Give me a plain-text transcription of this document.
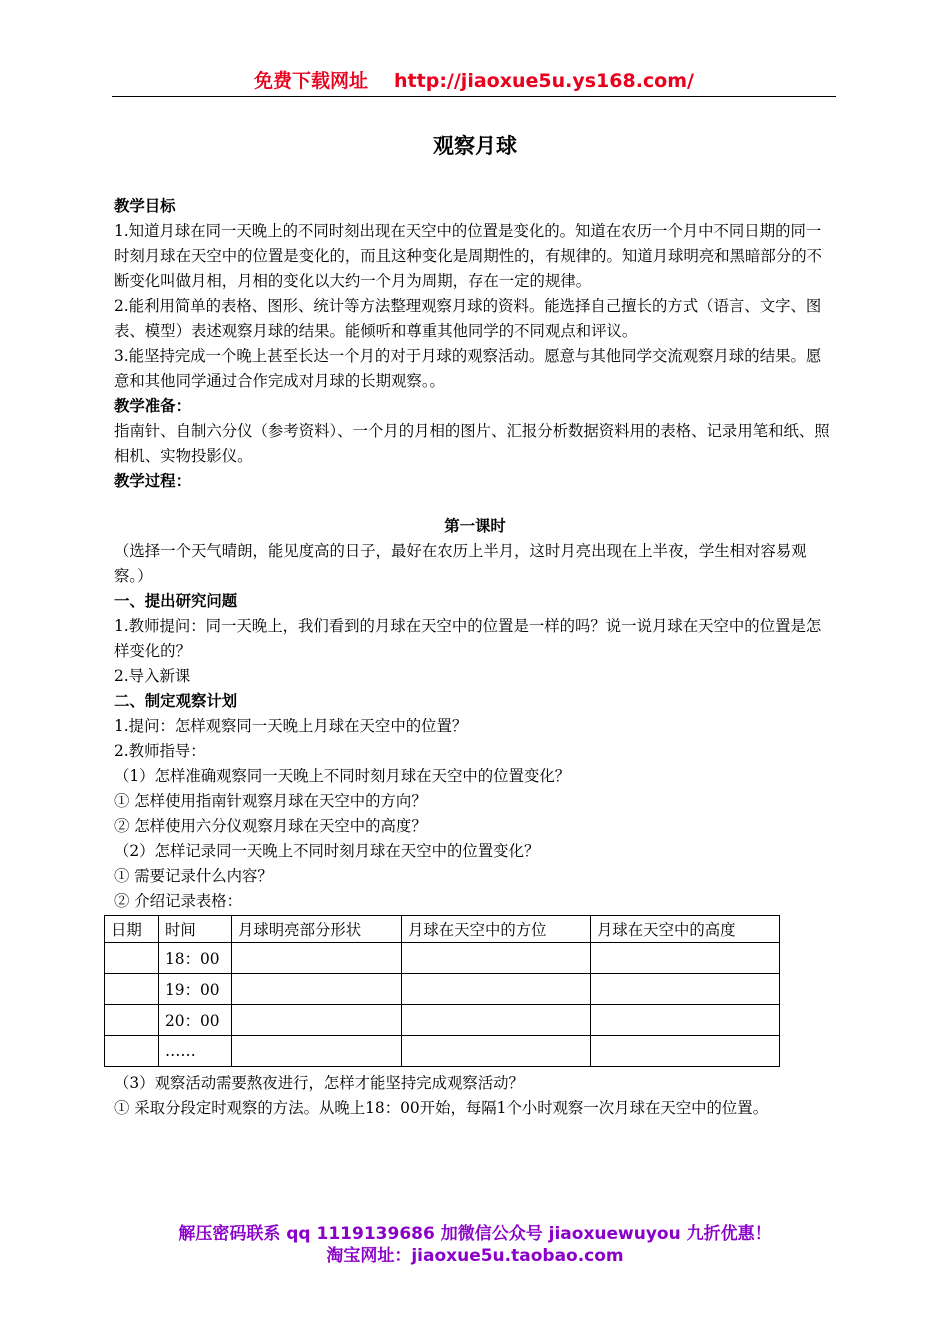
免费下载网址 http://jiaoxue5u.ys168.com/
观察月球

教学目标

1.知道月球在同一天晚上的不同时刻出现在天空中的位置是变化的。知道在农历一个月中不同日期的同一时刻月球在天空中的位置是变化的，而且这种变化是周期性的，有规律的。知道月球明亮和黑暗部分的不断变化叫做月相，月相的变化以大约一个月为周期，存在一定的规律。

2.能利用简单的表格、图形、统计等方法整理观察月球的资料。能选择自己擅长的方式（语言、文字、图表、模型）表述观察月球的结果。能倾听和尊重其他同学的不同观点和评议。

3.能坚持完成一个晚上甚至长达一个月的对于月球的观察活动。愿意与其他同学交流观察月球的结果。愿意和其他同学通过合作完成对月球的长期观察。。

教学准备：

指南针、自制六分仪（参考资料）、一个月的月相的图片、汇报分析数据资料用的表格、记录用笔和纸、照相机、实物投影仪。

教学过程：

第一课时

（选择一个天气晴朗，能见度高的日子，最好在农历上半月，这时月亮出现在上半夜，学生相对容易观察。）

一、提出研究问题

1.教师提问：同一天晚上，我们看到的月球在天空中的位置是一样的吗？说一说月球在天空中的位置是怎样变化的？

2.导入新课

二、制定观察计划

1.提问：怎样观察同一天晚上月球在天空中的位置？

2.教师指导：

（1）怎样准确观察同一天晚上不同时刻月球在天空中的位置变化？

① 怎样使用指南针观察月球在天空中的方向？

② 怎样使用六分仪观察月球在天空中的高度？

（2）怎样记录同一天晚上不同时刻月球在天空中的位置变化？

① 需要记录什么内容？

② 介绍记录表格：

日期	时间	月球明亮部分形状	月球在天空中的方位	月球在天空中的高度
	18：00			
	19：00			
	20：00			
	……			

（3）观察活动需要熬夜进行，怎样才能坚持完成观察活动？

① 采取分段定时观察的方法。从晚上18：00开始，每隔1个小时观察一次月球在天空中的位置。

解压密码联系 qq 1119139686 加微信公众号 jiaoxuewuyou 九折优惠！
淘宝网址：jiaoxue5u.taobao.com
